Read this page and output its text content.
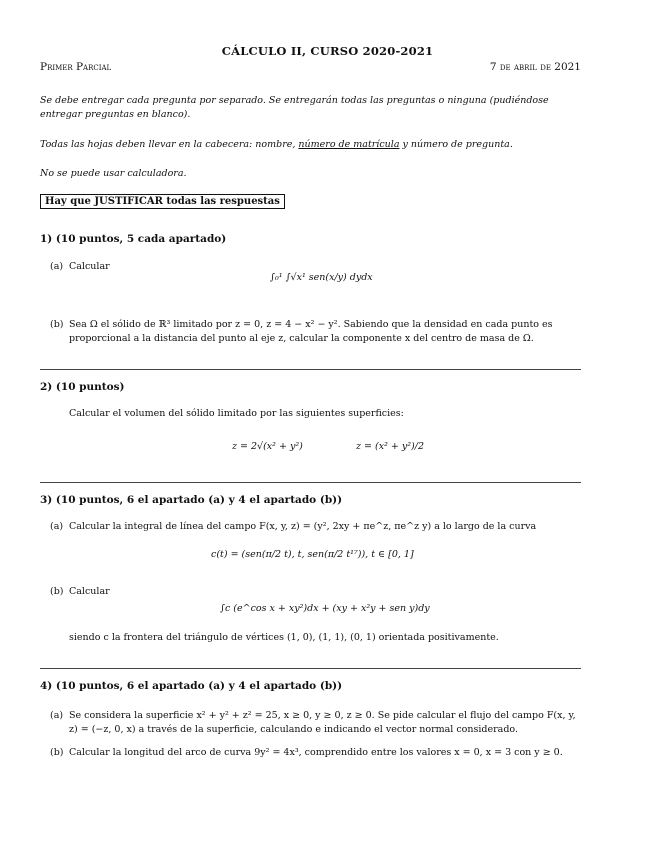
CÁLCULO II, CURSO 2020-2021
Primer Parcial	7 de abril de 2021
Se debe entregar cada pregunta por separado. Se entregarán todas las preguntas o ninguna (pudiéndose entregar preguntas en blanco).
Todas las hojas deben llevar en la cabecera: nombre, número de matrícula y número de pregunta.
No se puede usar calculadora.
Hay que JUSTIFICAR todas las respuestas
1) (10 puntos, 5 cada apartado)
(a) Calcular
∫₀¹ ∫√x¹ sen(x/y) dydx
(b) Sea Ω el sólido de ℝ³ limitado por z = 0, z = 4 − x² − y². Sabiendo que la densidad en cada punto es proporcional a la distancia del punto al eje z, calcular la componente x del centro de masa de Ω.
2) (10 puntos)
Calcular el volumen del sólido limitado por las siguientes superficies:
z = 2√(x² + y²)	z = (x² + y²)/2
3) (10 puntos, 6 el apartado (a) y 4 el apartado (b))
(a) Calcular la integral de línea del campo F(x, y, z) = (y², 2xy + πe^z, πe^z y) a lo largo de la curva
c(t) = (sen(π/2 t), t, sen(π/2 t¹⁷)), t ∈ [0, 1]
(b) Calcular
∫c (e^cos x + xy²)dx + (xy + x²y + sen y)dy
siendo c la frontera del triángulo de vértices (1, 0), (1, 1), (0, 1) orientada positivamente.
4) (10 puntos, 6 el apartado (a) y 4 el apartado (b))
(a) Se considera la superficie x² + y² + z² = 25, x ≥ 0, y ≥ 0, z ≥ 0. Se pide calcular el flujo del campo F(x, y, z) = (−z, 0, x) a través de la superficie, calculando e indicando el vector normal considerado.
(b) Calcular la longitud del arco de curva 9y² = 4x³, comprendido entre los valores x = 0, x = 3 con y ≥ 0.
